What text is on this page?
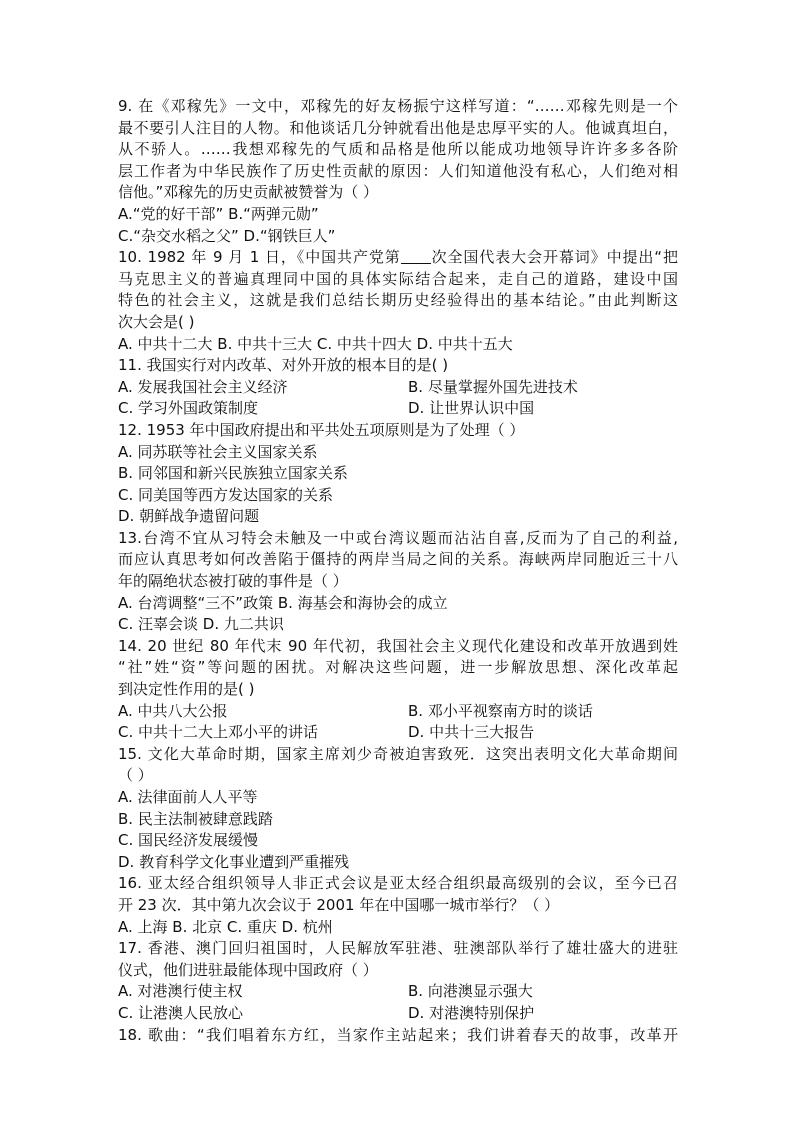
9. 在《邓稼先》一文中，邓稼先的好友杨振宁这样写道：“……邓稼先则是一个
最不要引人注目的人物。和他谈话几分钟就看出他是忠厚平实的人。他诚真坦白，
从不骄人。……我想邓稼先的气质和品格是他所以能成功地领导许许多多各阶
层工作者为中华民族作了历史性贡献的原因：人们知道他没有私心，人们绝对相
信他。”邓稼先的历史贡献被赞誉为（ ）
A.“党的好干部” B.“两弹元勋”
C.“杂交水稻之父” D.“钢铁巨人”
10. 1982 年 9 月 1 日，《中国共产党第 次全国代表大会开幕词》中提出“把
马克思主义的普遍真理同中国的具体实际结合起来，走自己的道路，建设中国
特色的社会主义，这就是我们总结长期历史经验得出的基本结论。”由此判断这
次大会是( )
A. 中共十二大 B. 中共十三大 C. 中共十四大 D. 中共十五大
11. 我国实行对内改革、对外开放的根本目的是( )
A. 发展我国社会主义经济	B. 尽量掌握外国先进技术
C. 学习外国政策制度	D. 让世界认识中国
12. 1953 年中国政府提出和平共处五项原则是为了处理（ ）
A. 同苏联等社会主义国家关系
B. 同邻国和新兴民族独立国家关系
C. 同美国等西方发达国家的关系
D. 朝鲜战争遗留问题
13.台湾不宜从习特会未触及一中或台湾议题而沾沾自喜,反而为了自己的利益,
而应认真思考如何改善陷于僵持的两岸当局之间的关系。海峡两岸同胞近三十八
年的隔绝状态被打破的事件是（ ）
A. 台湾调整“三不”政策 B. 海基会和海协会的成立
C. 汪辜会谈 D. 九二共识
14. 20 世纪 80 年代末 90 年代初，我国社会主义现代化建设和改革开放遇到姓
“社”姓“资”等问题的困扰。对解决这些问题，进一步解放思想、深化改革起
到决定性作用的是( )
A. 中共八大公报	B. 邓小平视察南方时的谈话
C. 中共十二大上邓小平的讲话	D. 中共十三大报告
15. 文化大革命时期，国家主席刘少奇被迫害致死．这突出表明文化大革命期间
（ ）
A. 法律面前人人平等
B. 民主法制被肆意践踏
C. 国民经济发展缓慢
D. 教育科学文化事业遭到严重摧残
16. 亚太经合组织领导人非正式会议是亚太经合组织最高级别的会议，至今已召
开 23 次．其中第九次会议于 2001 年在中国哪一城市举行？（ ）
A. 上海 B. 北京 C. 重庆 D. 杭州
17. 香港、澳门回归祖国时，人民解放军驻港、驻澳部队举行了雄壮盛大的进驻
仪式，他们进驻最能体现中国政府（ ）
A. 对港澳行使主权	B. 向港澳显示强大
C. 让港澳人民放心	D. 对港澳特别保护
18. 歌曲：“我们唱着东方红，当家作主站起来；我们讲着春天的故事，改革开
